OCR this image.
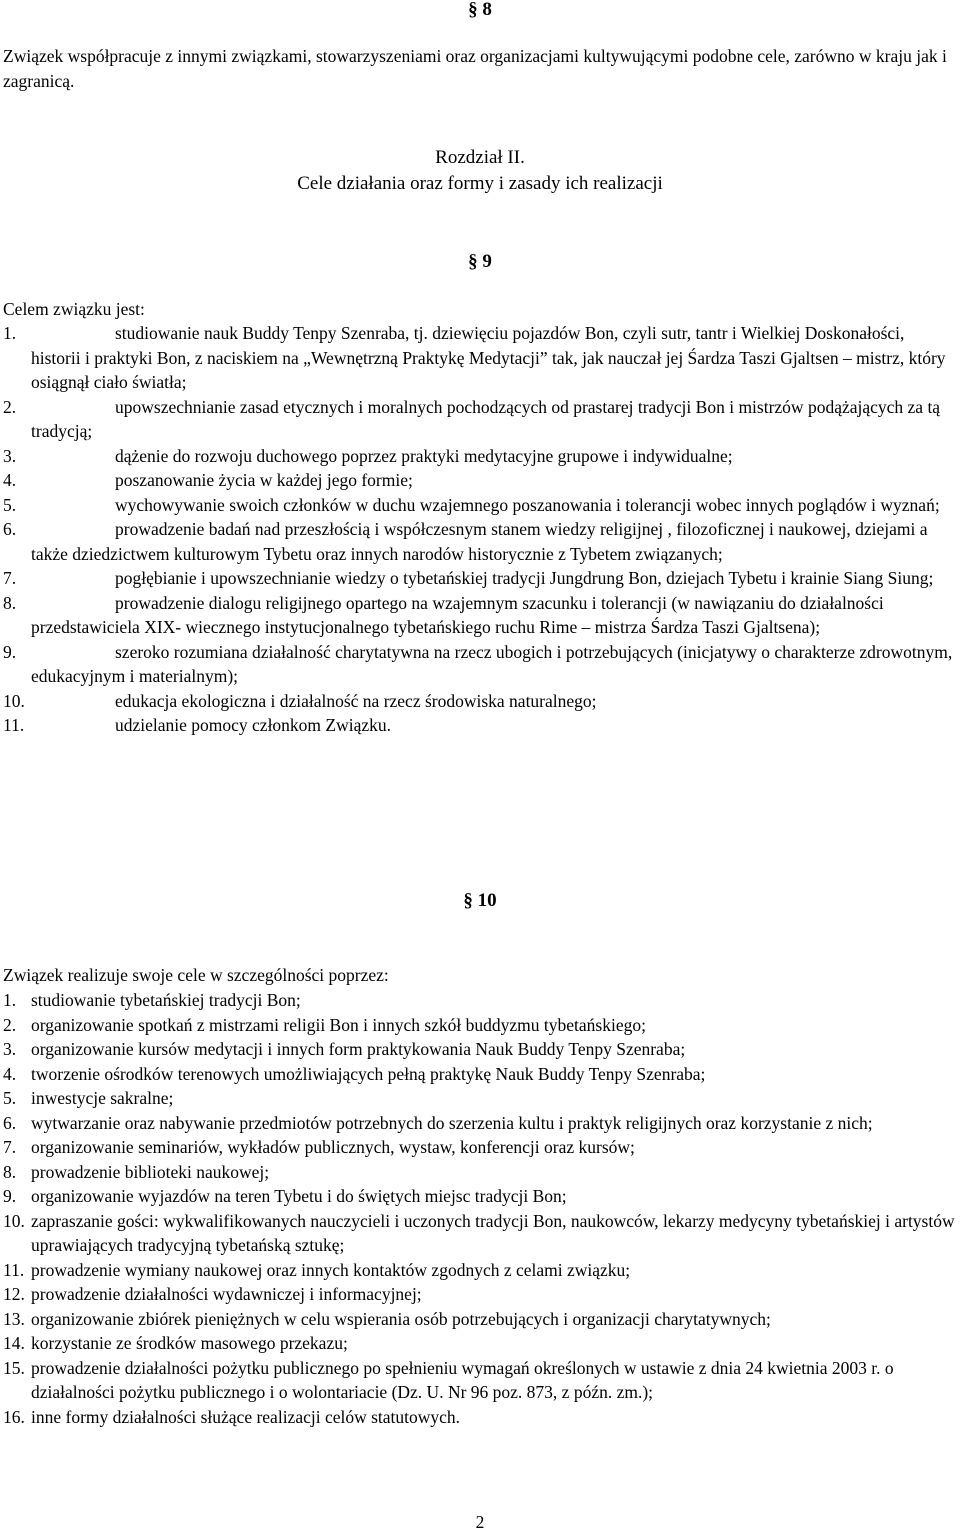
§ 8
Związek współpracuje z innymi związkami, stowarzyszeniami oraz organizacjami kultywującymi podobne cele, zarówno w kraju jak i zagranicą.
Rozdział II.
Cele działania oraz formy i zasady ich realizacji
§ 9
Celem związku jest:
1.	studiowanie nauk Buddy Tenpy Szenraba, tj. dziewięciu pojazdów Bon, czyli sutr, tantr i Wielkiej Doskonałości, historii i praktyki Bon, z naciskiem na „Wewnętrzną Praktykę Medytacji” tak, jak nauczał jej Śardza Taszi Gjaltsen – mistrz, który osiągnął ciało światła;
2.	upowszechnianie zasad etycznych i moralnych pochodzących od prastarej tradycji Bon i mistrzów podążających za tą tradycją;
3.	dążenie do rozwoju duchowego poprzez praktyki medytacyjne grupowe i indywidualne;
4.	poszanowanie życia w każdej jego formie;
5.	wychowywanie swoich członków w duchu wzajemnego poszanowania i tolerancji wobec innych poglądów i wyznań;
6.	prowadzenie badań nad przeszłością i współczesnym stanem wiedzy religijnej , filozoficznej i naukowej, dziejami a także dziedzictwem kulturowym Tybetu oraz innych narodów historycznie z Tybetem związanych;
7.	pogłębianie i upowszechnianie wiedzy o tybetańskiej tradycji Jungdrung Bon, dziejach Tybetu i krainie Siang Siung;
8.	prowadzenie dialogu religijnego opartego na wzajemnym szacunku i tolerancji (w nawiązaniu do działalności przedstawiciela XIX- wiecznego instytucjonalnego tybetańskiego ruchu Rime – mistrza Śardza Taszi Gjaltsena);
9.	szeroko rozumiana działalność charytatywna na rzecz ubogich i potrzebujących (inicjatywy o charakterze zdrowotnym, edukacyjnym i materialnym);
10.	edukacja ekologiczna i działalność na rzecz środowiska naturalnego;
11.	udzielanie pomocy członkom Związku.
§ 10
Związek realizuje swoje cele w szczególności poprzez:
1. studiowanie tybetańskiej tradycji Bon;
2. organizowanie spotkań z mistrzami religii Bon i innych szkół buddyzmu tybetańskiego;
3. organizowanie kursów medytacji i innych form praktykowania Nauk Buddy Tenpy Szenraba;
4. tworzenie ośrodków terenowych umożliwiających pełną praktykę Nauk Buddy Tenpy Szenraba;
5. inwestycje sakralne;
6. wytwarzanie oraz nabywanie przedmiotów potrzebnych do szerzenia kultu i praktyk religijnych oraz korzystanie z nich;
7. organizowanie seminariów, wykładów publicznych, wystaw, konferencji oraz kursów;
8. prowadzenie biblioteki naukowej;
9. organizowanie wyjazdów na teren Tybetu i do świętych miejsc tradycji Bon;
10. zapraszanie gości: wykwalifikowanych nauczycieli i uczonych tradycji Bon, naukowców, lekarzy medycyny tybetańskiej i artystów uprawiających tradycyjną tybetańską sztukę;
11. prowadzenie wymiany naukowej oraz innych kontaktów zgodnych z celami związku;
12. prowadzenie działalności wydawniczej i informacyjnej;
13. organizowanie zbiórek pieniężnych w celu wspierania osób potrzebujących i organizacji charytatywnych;
14. korzystanie ze środków masowego przekazu;
15. prowadzenie działalności pożytku publicznego po spełnieniu wymagań określonych w ustawie z dnia 24 kwietnia 2003 r. o działalności pożytku publicznego i o wolontariacie (Dz. U. Nr 96 poz. 873, z późn. zm.);
16. inne formy działalności służące realizacji celów statutowych.
2
